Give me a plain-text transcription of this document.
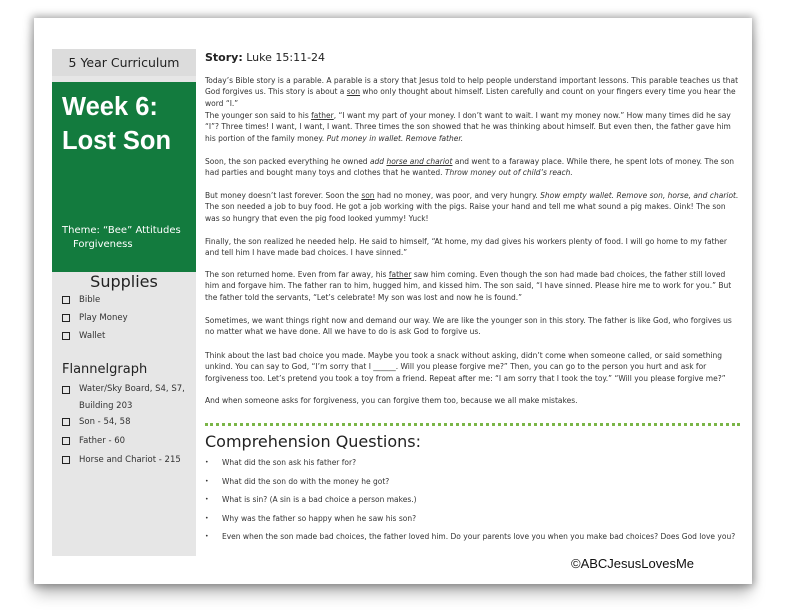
5 Year Curriculum
Week 6:
Lost Son
Theme: “Bee” Attitudes
Forgiveness
Supplies
Bible
Play Money
Wallet
Flannelgraph
Water/Sky Board, S4, S7, Building 203
Son - 54, 58
Father - 60
Horse and Chariot - 215
Story: Luke 15:11-24

Today’s Bible story is a parable. A parable is a story that Jesus told to help people understand important lessons. This parable teaches us that God forgives us. This story is about a son who only thought about himself. Listen carefully and count on your fingers every time you hear the word “I.”

The younger son said to his father, “I want my part of your money. I don’t want to wait. I want my money now.” How many times did he say “I”? Three times! I want, I want, I want. Three times the son showed that he was thinking about himself. But even then, the father gave him his portion of the family money. Put money in wallet. Remove father.

Soon, the son packed everything he owned add horse and chariot and went to a faraway place. While there, he spent lots of money. The son had parties and bought many toys and clothes that he wanted. Throw money out of child’s reach.

But money doesn’t last forever. Soon the son had no money, was poor, and very hungry. Show empty wallet. Remove son, horse, and chariot. The son needed a job to buy food. He got a job working with the pigs. Raise your hand and tell me what sound a pig makes. Oink! The son was so hungry that even the pig food looked yummy! Yuck!

Finally, the son realized he needed help. He said to himself, “At home, my dad gives his workers plenty of food. I will go home to my father and tell him I have made bad choices. I have sinned.”

The son returned home. Even from far away, his father saw him coming. Even though the son had made bad choices, the father still loved him and forgave him. The father ran to him, hugged him, and kissed him. The son said, “I have sinned. Please hire me to work for you.” But the father told the servants, “Let’s celebrate! My son was lost and now he is found.”

Sometimes, we want things right now and demand our way. We are like the younger son in this story. The father is like God, who forgives us no matter what we have done. All we have to do is ask God to forgive us.

Think about the last bad choice you made. Maybe you took a snack without asking, didn’t come when someone called, or said something unkind. You can say to God, “I’m sorry that I ______. Will you please forgive me?” Then, you can go to the person you hurt and ask for forgiveness too. Let’s pretend you took a toy from a friend. Repeat after me: “I am sorry that I took the toy.” “Will you please forgive me?”

And when someone asks for forgiveness, you can forgive them too, because we all make mistakes.

Comprehension Questions:
• What did the son ask his father for?
• What did the son do with the money he got?
• What is sin? (A sin is a bad choice a person makes.)
• Why was the father so happy when he saw his son?
• Even when the son made bad choices, the father loved him. Do your parents love you when you make bad choices? Does God love you?
©ABCJesusLovesMe
